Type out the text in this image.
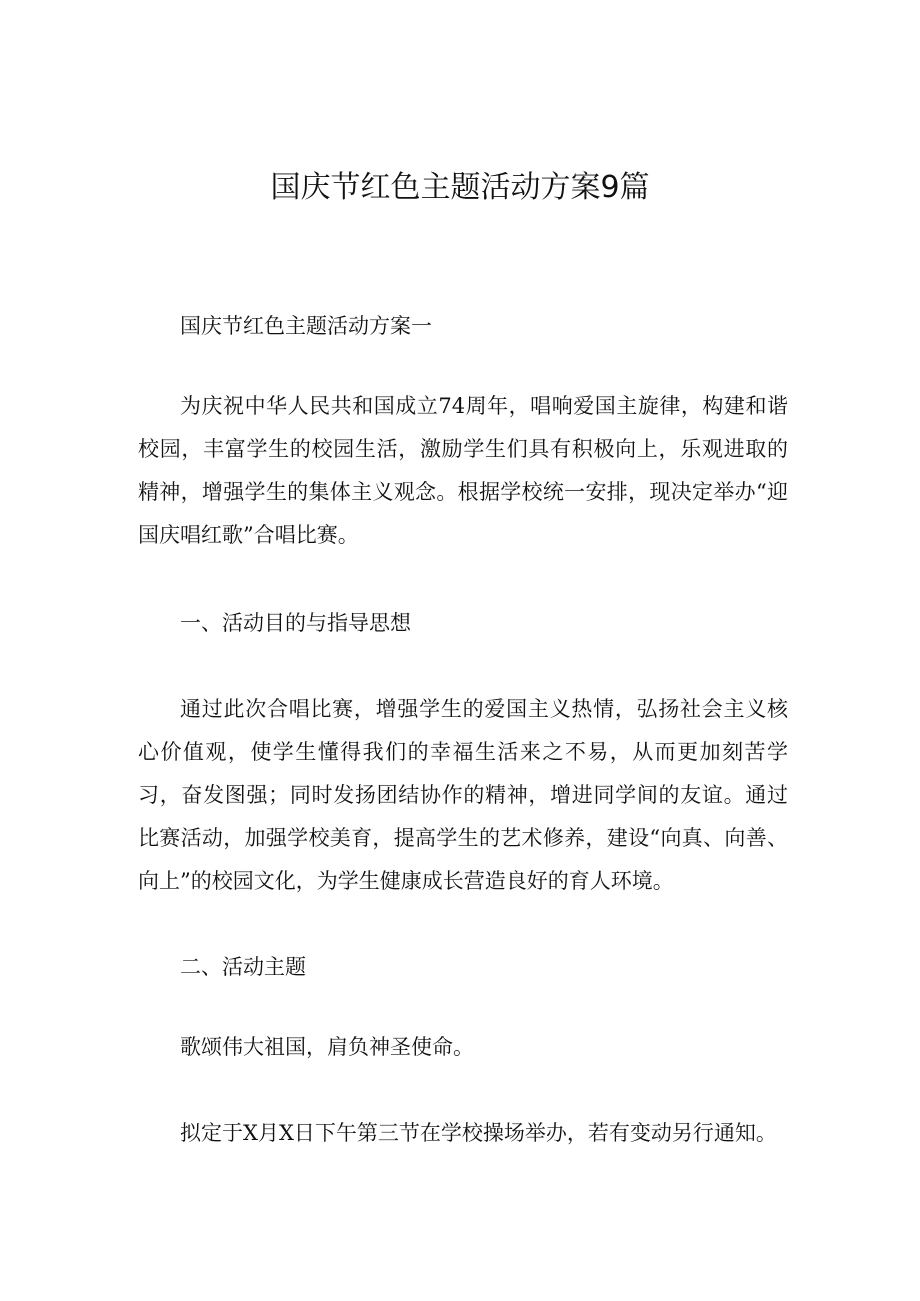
国庆节红色主题活动方案9篇

国庆节红色主题活动方案一

为庆祝中华人民共和国成立74周年，唱响爱国主旋律，构建和谐校园，丰富学生的校园生活，激励学生们具有积极向上，乐观进取的精神，增强学生的集体主义观念。根据学校统一安排，现决定举办“迎国庆唱红歌”合唱比赛。

一、活动目的与指导思想

通过此次合唱比赛，增强学生的爱国主义热情，弘扬社会主义核心价值观，使学生懂得我们的幸福生活来之不易，从而更加刻苦学习，奋发图强；同时发扬团结协作的精神，增进同学间的友谊。通过比赛活动，加强学校美育，提高学生的艺术修养，建设“向真、向善、向上”的校园文化，为学生健康成长营造良好的育人环境。

二、活动主题

歌颂伟大祖国，肩负神圣使命。

拟定于X月X日下午第三节在学校操场举办，若有变动另行通知。
